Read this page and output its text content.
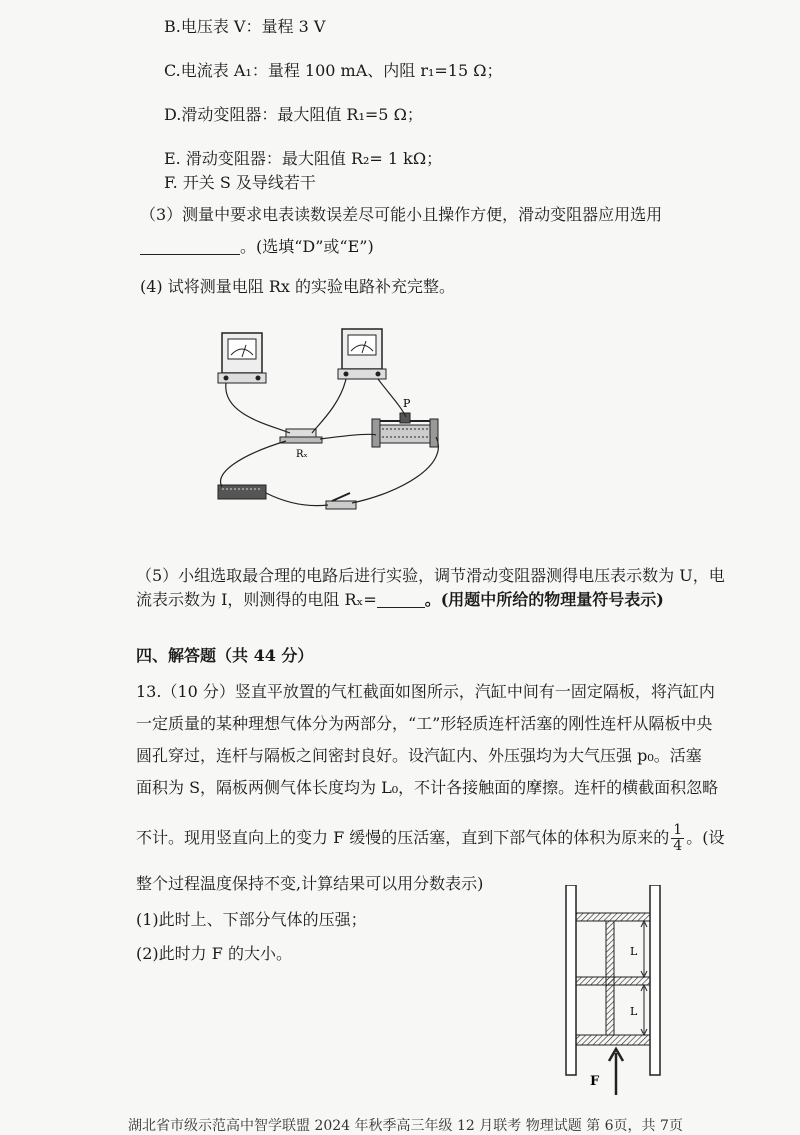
B.电压表 V：量程 3 V
C.电流表 A₁：量程 100 mA、内阻 r₁=15 Ω；
D.滑动变阻器：最大阻值 R₁=5 Ω；
E. 滑动变阻器：最大阻值 R₂= 1 kΩ；
F. 开关 S 及导线若干
（3）测量中要求电表读数误差尽可能小且操作方便，滑动变阻器应用选用
。(选填“D”或“E”)
(4) 试将测量电阻 Rx 的实验电路补充完整。
Rₓ
P
（5）小组选取最合理的电路后进行实验，调节滑动变阻器测得电压表示数为 U，电
流表示数为 I，则测得的电阻 Rₓ=	。(用题中所给的物理量符号表示)
四、解答题（共 44 分）
13.（10 分）竖直平放置的气杠截面如图所示，汽缸中间有一固定隔板，将汽缸内
一定质量的某种理想气体分为两部分，“工”形轻质连杆活塞的刚性连杆从隔板中央
圆孔穿过，连杆与隔板之间密封良好。设汽缸内、外压强均为大气压强 p₀。活塞
面积为 S，隔板两侧气体长度均为 L₀，不计各接触面的摩擦。连杆的横截面积忽略
不计。现用竖直向上的变力 F 缓慢的压活塞，直到下部气体的体积为原来的 $\frac{1}{4}$ 。(设
整个过程温度保持不变,计算结果可以用分数表示)
(1)此时上、下部分气体的压强；
(2)此时力 F 的大小。	L
L
F
湖北省市级示范高中智学联盟 2024 年秋季高三年级 12 月联考 物理试题 第 6页，共 7页
